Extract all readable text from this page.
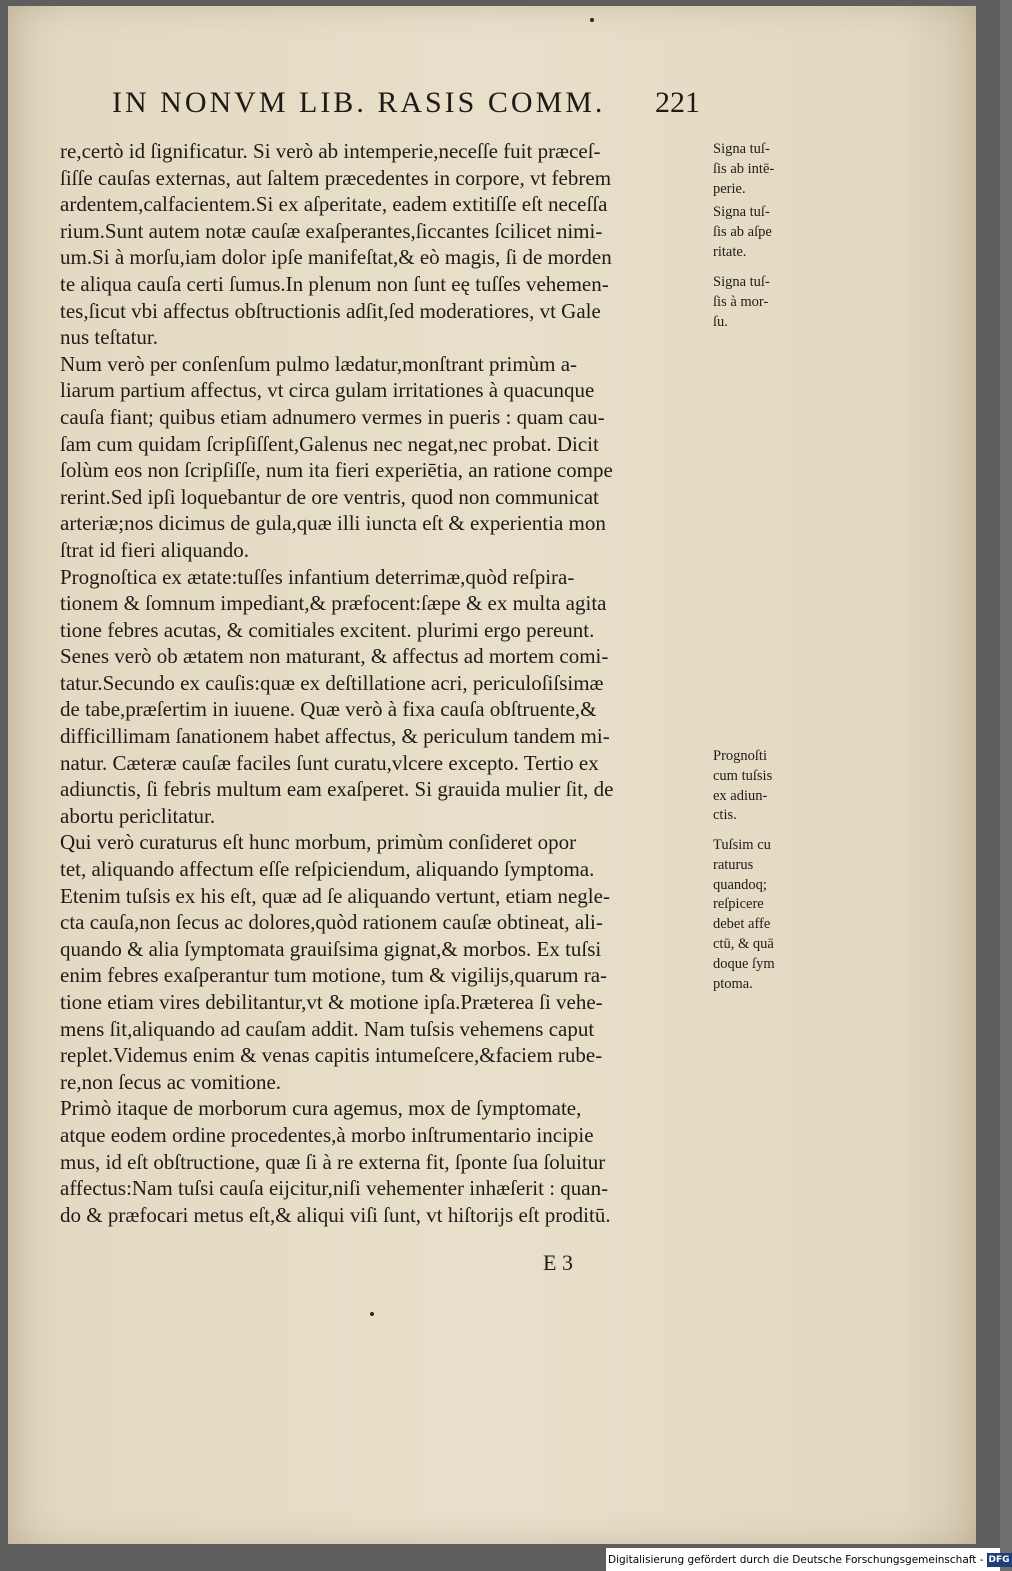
IN NONVM LIB. RASIS COMM.	221
re,certò id ſignificatur. Si verò ab intemperie,neceſſe fuit præceſ-
ſiſſe cauſas externas, aut ſaltem præcedentes in corpore, vt febrem
ardentem,calfacientem.Si ex aſperitate, eadem extitiſſe eſt neceſſa
rium.Sunt autem notæ cauſæ exaſperantes,ſiccantes ſcilicet nimi-
um.Si à morſu,iam dolor ipſe manifeſtat,& eò magis, ſi de morden
te aliqua cauſa certi ſumus.In plenum non ſunt eę tuſſes vehemen-
tes,ſicut vbi affectus obſtructionis adſit,ſed moderatiores, vt Gale
nus teſtatur.
Num verò per conſenſum pulmo lædatur,monſtrant primùm a-
liarum partium affectus, vt circa gulam irritationes à quacunque
cauſa fiant; quibus etiam adnumero vermes in pueris : quam cau-
ſam cum quidam ſcripſiſſent,Galenus nec negat,nec probat. Dicit
ſolùm eos non ſcripſiſſe, num ita fieri experiētia, an ratione compe
rerint.Sed ipſi loquebantur de ore ventris, quod non communicat
arteriæ;nos dicimus de gula,quæ illi iuncta eſt & experientia mon
ſtrat id fieri aliquando.
Prognoſtica ex ætate:tuſſes infantium deterrimæ,quòd reſpira-
tionem & ſomnum impediant,& præfocent:ſæpe & ex multa agita
tione febres acutas, & comitiales excitent. plurimi ergo pereunt.
Senes verò ob ætatem non maturant, & affectus ad mortem comi-
tatur.Secundo ex cauſis:quæ ex deſtillatione acri, periculoſiſsimæ
de tabe,præſertim in iuuene. Quæ verò à fixa cauſa obſtruente,&
difficillimam ſanationem habet affectus, & periculum tandem mi-
natur. Cæteræ cauſæ faciles ſunt curatu,vlcere excepto. Tertio ex
adiunctis, ſi febris multum eam exaſperet. Si grauida mulier ſit, de
abortu periclitatur.
Qui verò curaturus eſt hunc morbum, primùm conſideret opor
tet, aliquando affectum eſſe reſpiciendum, aliquando ſymptoma.
Etenim tuſsis ex his eſt, quæ ad ſe aliquando vertunt, etiam negle-
cta cauſa,non ſecus ac dolores,quòd rationem cauſæ obtineat, ali-
quando & alia ſymptomata grauiſsima gignat,& morbos. Ex tuſsi
enim febres exaſperantur tum motione, tum & vigilijs,quarum ra-
tione etiam vires debilitantur,vt & motione ipſa.Præterea ſi vehe-
mens ſit,aliquando ad cauſam addit. Nam tuſsis vehemens caput
replet.Videmus enim & venas capitis intumeſcere,&faciem rube-
re,non ſecus ac vomitione.
Primò itaque de morborum cura agemus, mox de ſymptomate,
atque eodem ordine procedentes,à morbo inſtrumentario incipie
mus, id eſt obſtructione, quæ ſi à re externa fit, ſponte ſua ſoluitur
affectus:Nam tuſsi cauſa eijcitur,niſi vehementer inhæſerit : quan-
do & præfocari metus eſt,& aliqui viſi ſunt, vt hiſtorijs eſt proditū.
Signa tuſ-
ſis ab intē-
perie.
Signa tuſ-
ſis ab aſpe
ritate.
Signa tuſ-
ſis à mor-
ſu.
Prognoſti
cum tuſsis
ex adiun-
ctis.
Tuſsim cu
raturus
quandoq;
reſpicere
debet affe
ctū, & quā
doque ſym
ptoma.
E 3
Digitalisierung gefördert durch die Deutsche Forschungsgemeinschaft - DFG
